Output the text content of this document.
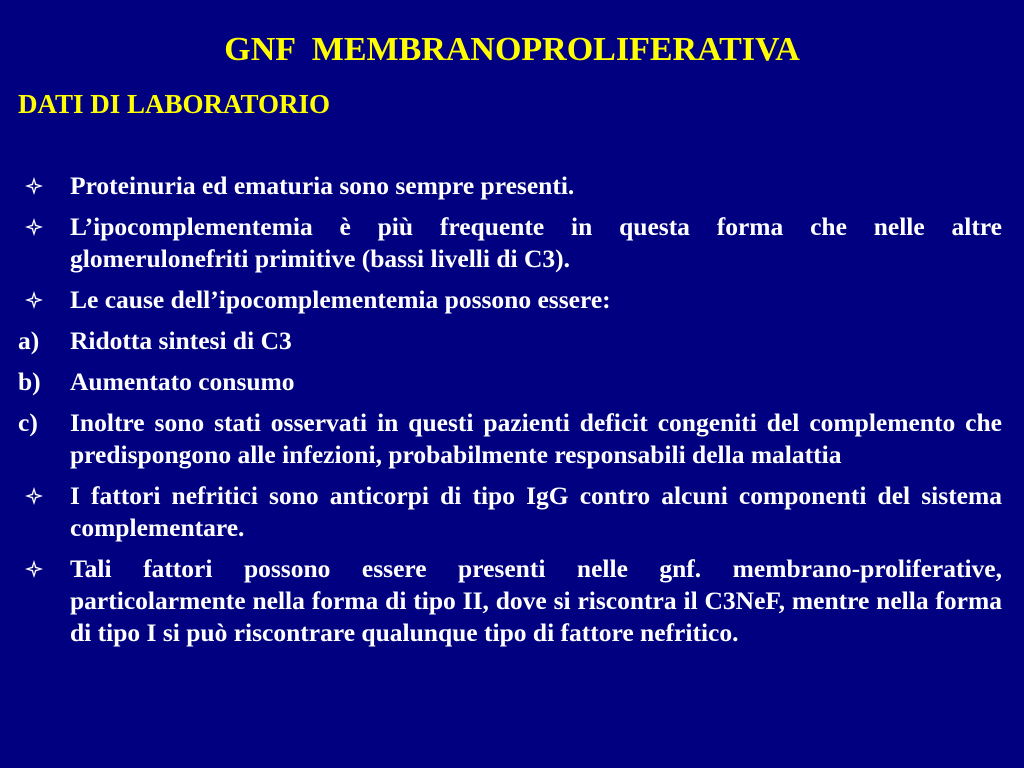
GNF  MEMBRANOPROLIFERATIVA
DATI DI LABORATORIO
Proteinuria ed ematuria sono sempre presenti.
L’ipocomplementemia è più frequente in questa forma che nelle altre glomerulonefriti primitive (bassi livelli di C3).
Le cause dell’ipocomplementemia possono essere:
a)	Ridotta sintesi di C3
b)	Aumentato consumo
c)	Inoltre sono stati osservati in questi pazienti deficit congeniti del complemento che predispongono alle infezioni, probabilmente responsabili della malattia
I fattori nefritici sono anticorpi di tipo IgG contro alcuni componenti del sistema complementare.
Tali fattori possono essere presenti nelle gnf. membrano-proliferative, particolarmente nella forma di tipo II, dove si riscontra il C3NeF, mentre nella forma di tipo I si può riscontrare qualunque tipo di fattore nefritico.
